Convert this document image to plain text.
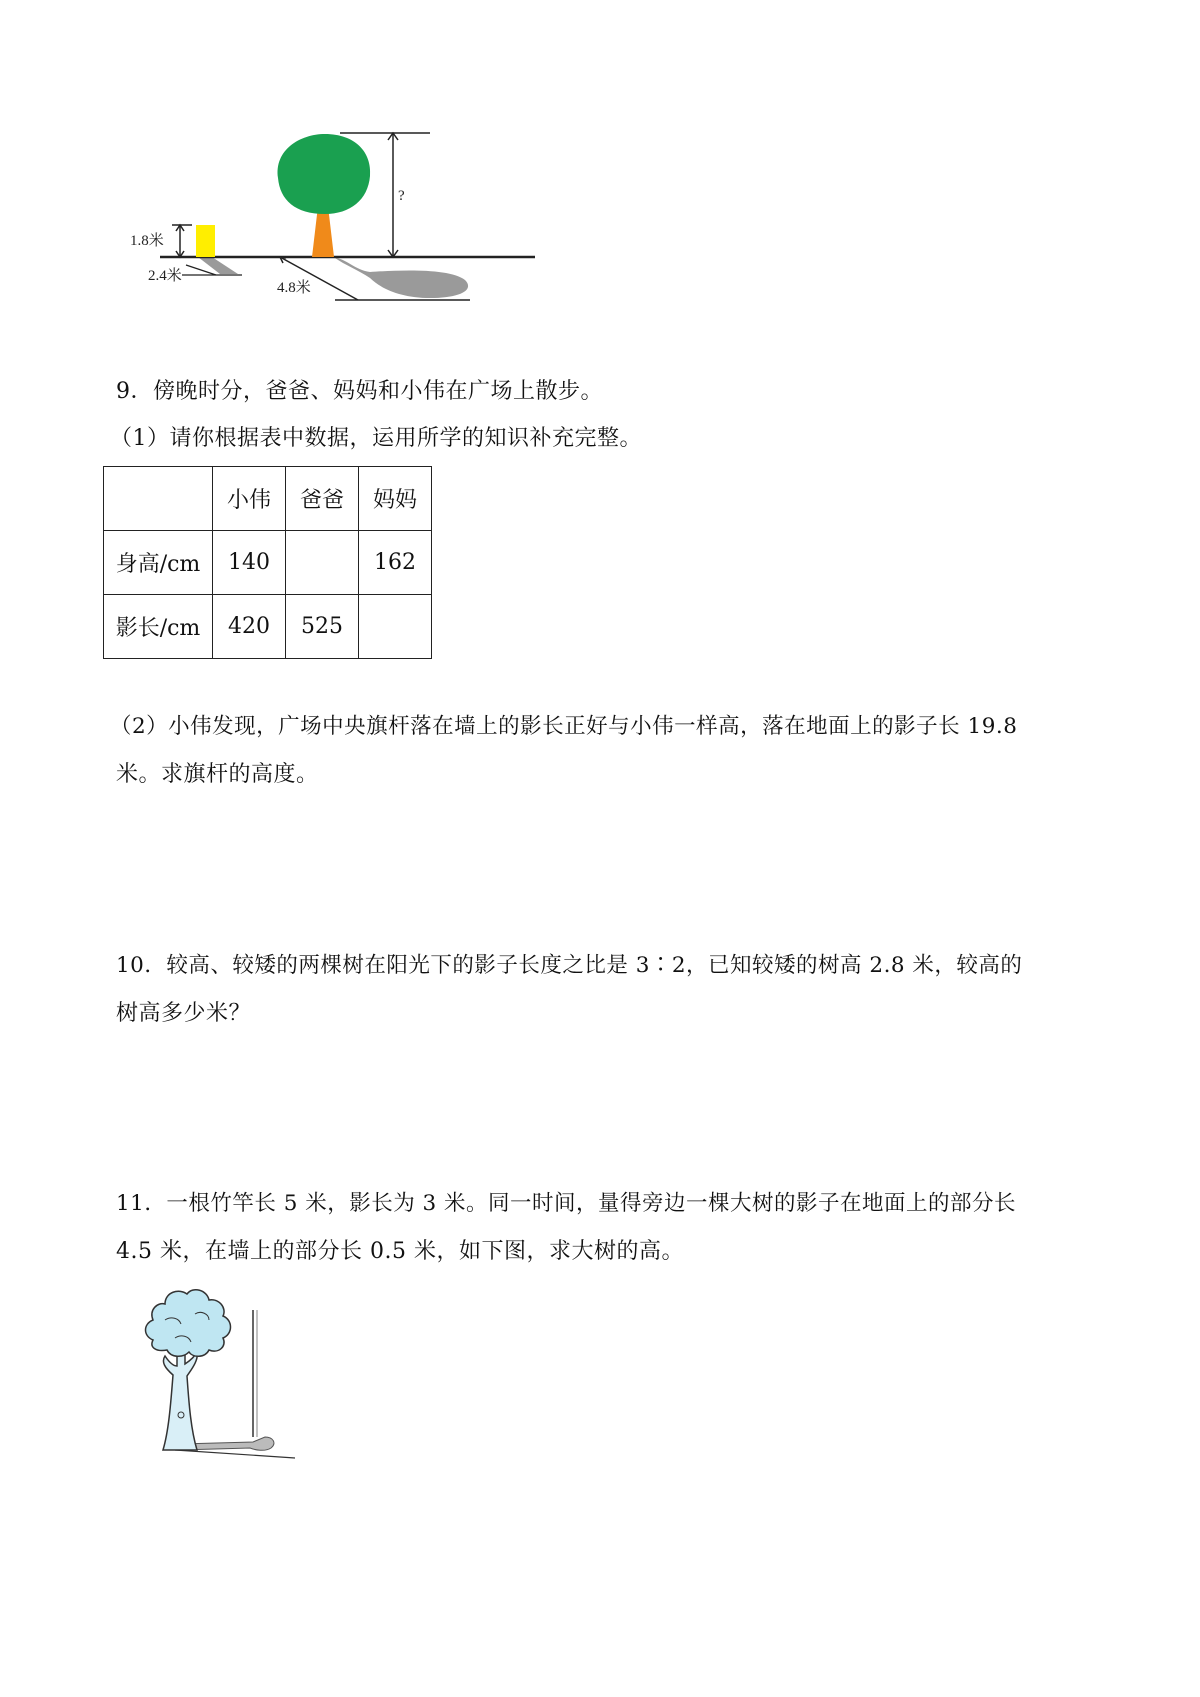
1.8米
2.4米
?
4.8米
9．傍晚时分，爸爸、妈妈和小伟在广场上散步。
（1）请你根据表中数据，运用所学的知识补充完整。
	小伟	爸爸	妈妈
身高/cm	140		162
影长/cm	420	525	
（2）小伟发现，广场中央旗杆落在墙上的影长正好与小伟一样高，落在地面上的影子长 19.8
米。求旗杆的高度。
10．较高、较矮的两棵树在阳光下的影子长度之比是 3∶2，已知较矮的树高 2.8 米，较高的
树高多少米？
11．一根竹竿长 5 米，影长为 3 米。同一时间，量得旁边一棵大树的影子在地面上的部分长
4.5 米，在墙上的部分长 0.5 米，如下图，求大树的高。
